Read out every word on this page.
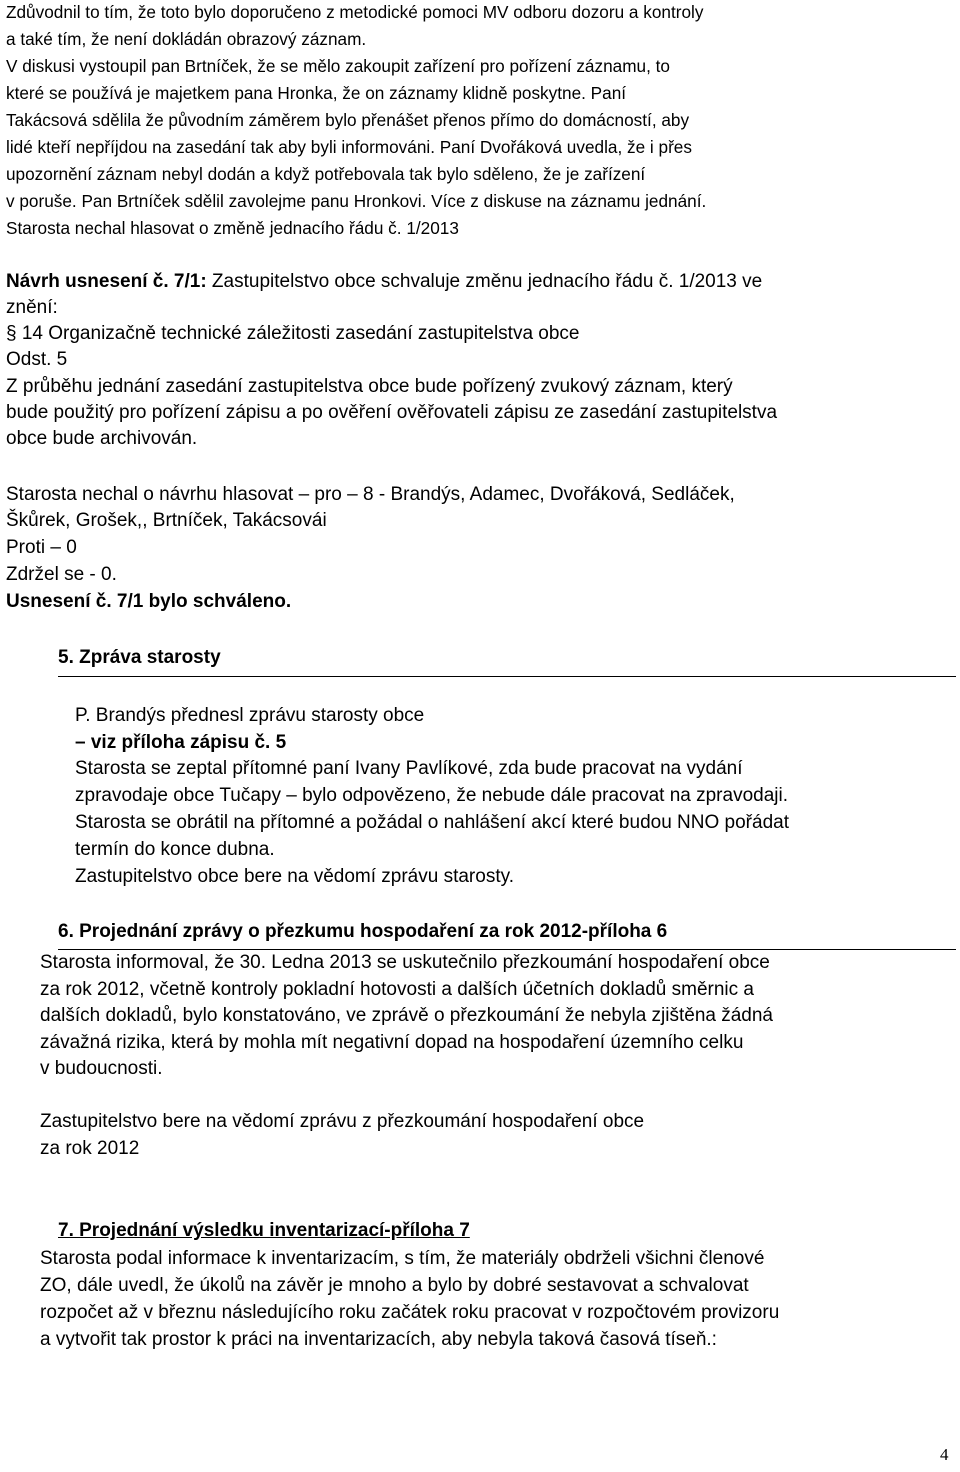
Zdůvodnil to tím, že toto bylo doporučeno z metodické pomoci MV odboru dozoru a kontroly
a také tím, že není dokládán obrazový záznam.
V diskusi vystoupil pan Brtníček, že se mělo zakoupit zařízení pro pořízení záznamu, to
které se používá je majetkem pana Hronka, že on záznamy klidně poskytne. Paní
Takácsová sdělila že původním záměrem bylo přenášet přenos přímo do domácností, aby
lidé kteří nepříjdou na zasedání tak aby byli informováni. Paní Dvořáková uvedla, že i přes
upozornění záznam nebyl dodán a když potřebovala tak bylo sděleno, že je zařízení
v poruše. Pan Brtníček sdělil zavolejme panu Hronkovi. Více z diskuse na záznamu jednání.
Starosta nechal hlasovat o změně jednacího řádu č. 1/2013
Návrh usnesení č. 7/1: Zastupitelstvo obce schvaluje změnu jednacího řádu č. 1/2013 ve
znění:
§ 14 Organizačně technické záležitosti zasedání zastupitelstva obce
Odst. 5
Z průběhu jednání zasedání zastupitelstva obce bude pořízený zvukový záznam, který
bude použitý pro pořízení zápisu a po ověření ověřovateli zápisu ze zasedání zastupitelstva
obce bude archivován.
Starosta nechal o návrhu hlasovat – pro – 8 - Brandýs, Adamec, Dvořáková, Sedláček,
Škůrek, Grošek,, Brtníček, Takácsovái
Proti – 0
Zdržel se - 0.
Usnesení č. 7/1 bylo schváleno.
5. Zpráva starosty
P. Brandýs přednesl zprávu starosty obce
– viz příloha zápisu č. 5
Starosta se zeptal přítomné paní Ivany Pavlíkové, zda bude pracovat na vydání
zpravodaje obce Tučapy – bylo odpovězeno, že nebude dále pracovat na zpravodaji.
Starosta se obrátil na přítomné a požádal o nahlášení akcí které budou NNO pořádat
termín do konce dubna.
Zastupitelstvo obce bere na vědomí zprávu starosty.
6. Projednání zprávy o přezkumu hospodaření za rok 2012-příloha 6
Starosta informoval, že 30. Ledna 2013 se uskutečnilo přezkoumání hospodaření obce
za rok 2012, včetně kontroly pokladní hotovosti a dalších účetních dokladů směrnic a
dalších dokladů, bylo konstatováno, ve zprávě o přezkoumání že nebyla zjištěna žádná
závažná rizika, která by mohla mít negativní dopad na hospodaření územního celku
v budoucnosti.
Zastupitelstvo bere na vědomí zprávu z přezkoumání hospodaření obce
za rok 2012
7. Projednání výsledku inventarizací-příloha 7
Starosta podal informace k inventarizacím, s tím, že materiály obdrželi všichni členové
ZO, dále uvedl, že úkolů na závěr je mnoho a bylo by dobré sestavovat a schvalovat
rozpočet až v březnu následujícího roku začátek roku pracovat v rozpočtovém provizoru
a vytvořit tak prostor k práci na inventarizacích, aby nebyla taková časová tíseň.:
4
